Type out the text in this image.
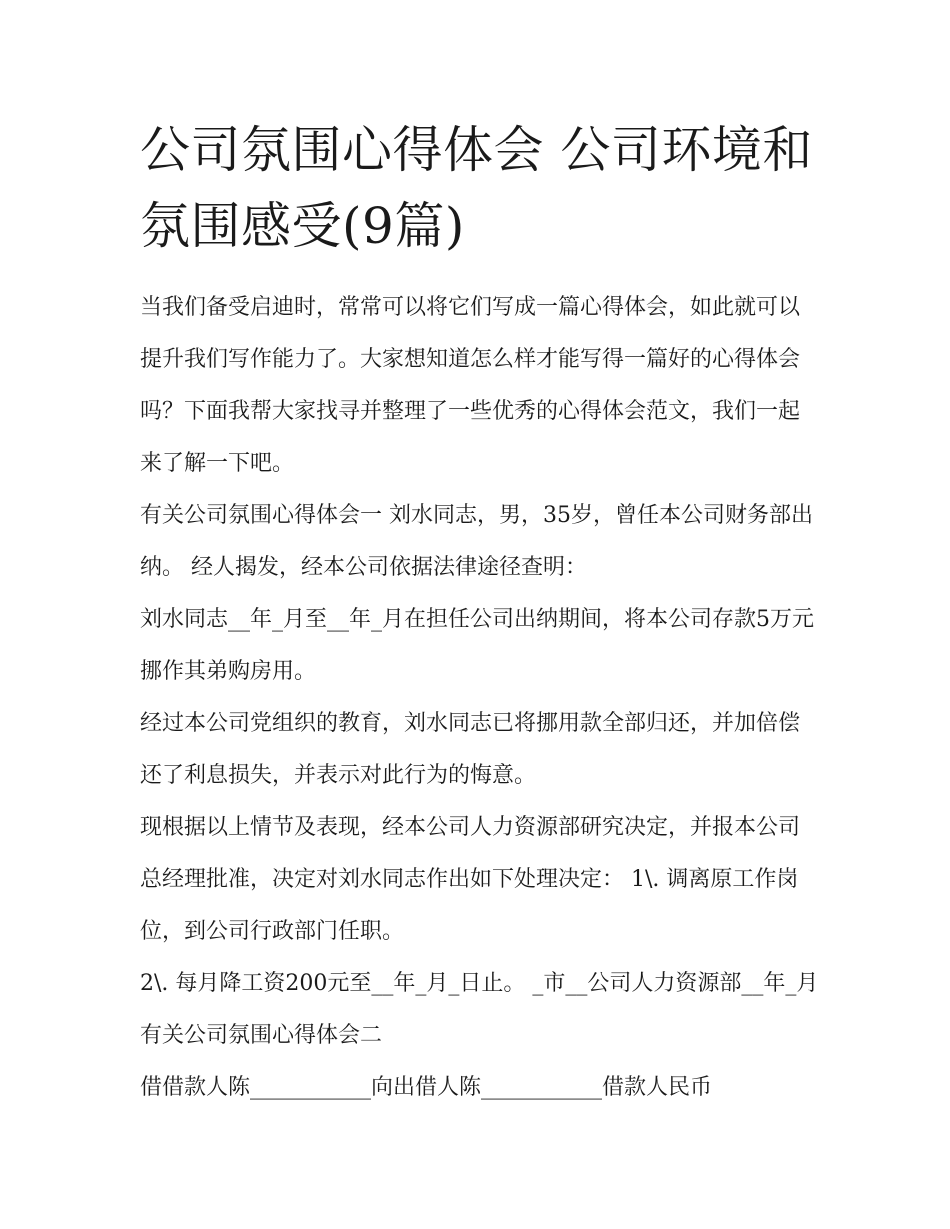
公司氛围心得体会 公司环境和氛围感受(9篇)

当我们备受启迪时，常常可以将它们写成一篇心得体会，如此就可以提升我们写作能力了。大家想知道怎么样才能写得一篇好的心得体会吗？下面我帮大家找寻并整理了一些优秀的心得体会范文，我们一起来了解一下吧。

有关公司氛围心得体会一 刘水同志，男，35岁，曾任本公司财务部出纳。 经人揭发，经本公司依据法律途径查明：

刘水同志__年_月至__年_月在担任公司出纳期间，将本公司存款5万元挪作其弟购房用。

经过本公司党组织的教育，刘水同志已将挪用款全部归还，并加倍偿还了利息损失，并表示对此行为的悔意。

现根据以上情节及表现，经本公司人力资源部研究决定，并报本公司总经理批准，决定对刘水同志作出如下处理决定： 1\. 调离原工作岗位，到公司行政部门任职。

2\. 每月降工资200元至__年_月_日止。 _市__公司人力资源部__年_月 有关公司氛围心得体会二

借借款人陈___________向出借人陈___________借款人民币
